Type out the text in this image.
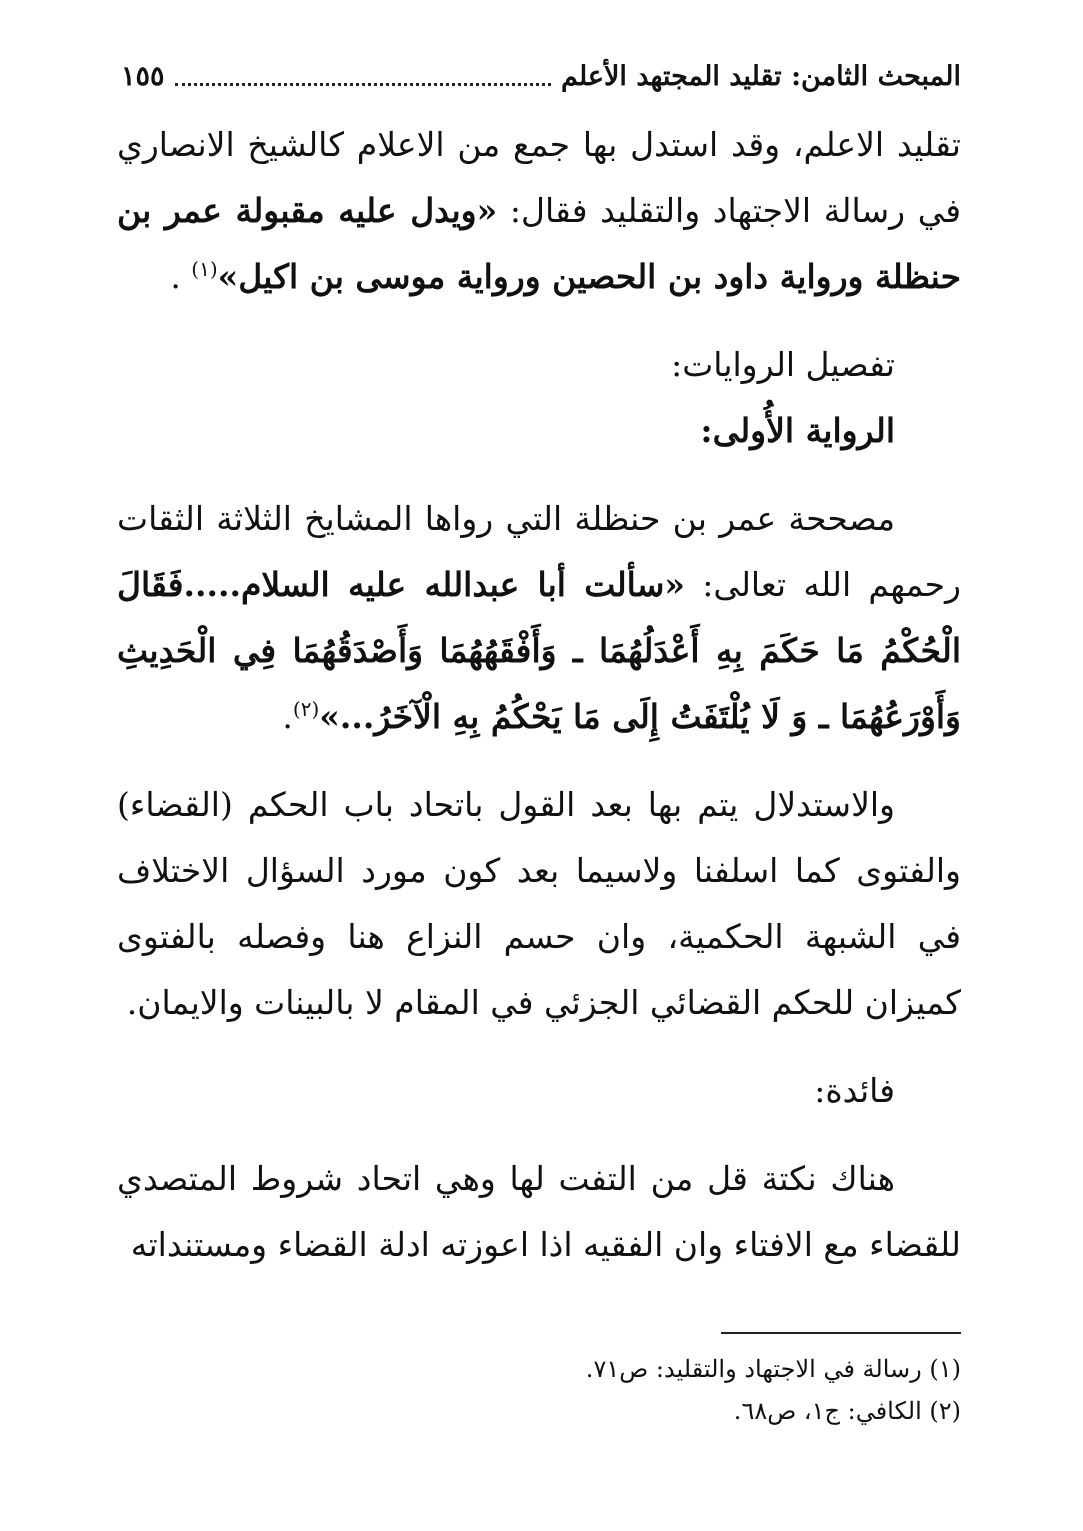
المبحث الثامن: تقليد المجتهد الأعلم
١٥٥

تقليد الاعلم، وقد استدل بها جمع من الاعلام كالشيخ الانصاري في رسالة الاجتهاد والتقليد فقال: «ويدل عليه مقبولة عمر بن حنظلة ورواية داود بن الحصين ورواية موسى بن اكيل»$^{(١)}$ .

تفصيل الروايات:

الرواية الأُولى:

مصححة عمر بن حنظلة التي رواها المشايخ الثلاثة الثقات رحمهم الله تعالى: «سألت أبا عبدالله عليه السلام.....فَقَالَ الْحُكْمُ مَا حَكَمَ بِهِ أَعْدَلُهُمَا ـ وَأَفْقَهُهُمَا وَأَصْدَقُهُمَا فِي الْحَدِيثِ وَأَوْرَعُهُمَا ـ وَ لَا يُلْتَفَتُ إِلَى مَا يَحْكُمُ بِهِ الْآخَرُ...»$^{(٢)}$.

والاستدلال يتم بها بعد القول باتحاد باب الحكم (القضاء) والفتوى كما اسلفنا ولاسيما بعد كون مورد السؤال الاختلاف في الشبهة الحكمية، وان حسم النزاع هنا وفصله بالفتوى كميزان للحكم القضائي الجزئي في المقام لا بالبينات والايمان.

فائدة:

هناك نكتة قل من التفت لها وهي اتحاد شروط المتصدي للقضاء مع الافتاء وان الفقيه اذا اعوزته ادلة القضاء ومستنداته

(١) رسالة في الاجتهاد والتقليد: ص٧١.

(٢) الكافي: ج١، ص٦٨.
